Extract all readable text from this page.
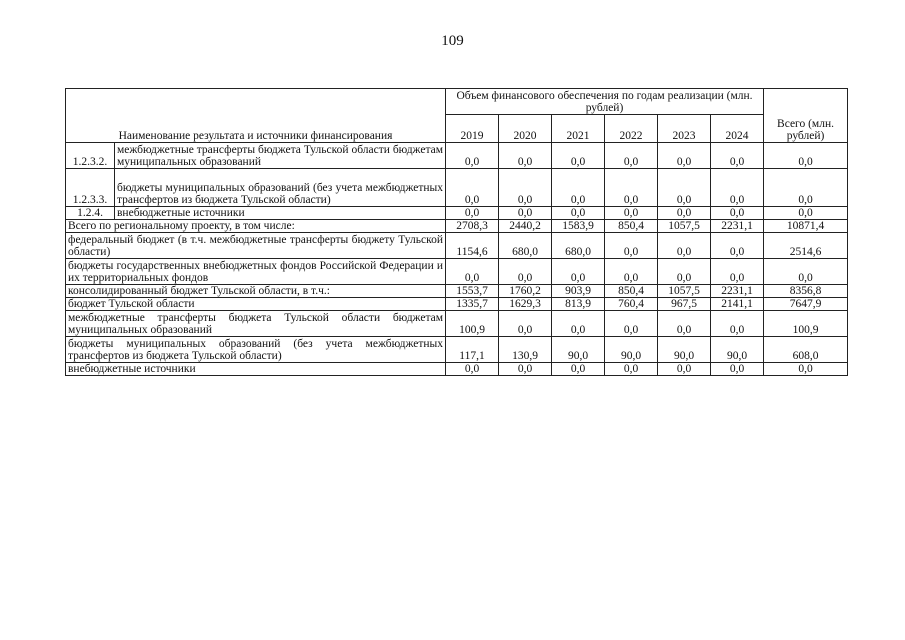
109
Наименование результата и источники финансирования		Объем финансового обеспечения по годам реализации (млн. рублей)						Всего (млн. рублей)
		2019	2020	2021	2022	2023	2024	
1.2.3.2.	межбюджетные трансферты бюджета Тульской области бюджетам муниципальных образований	0,0	0,0	0,0	0,0	0,0	0,0	0,0
1.2.3.3.	бюджеты муниципальных образований (без учета межбюджетных трансфертов из бюджета Тульской области)	0,0	0,0	0,0	0,0	0,0	0,0	0,0
1.2.4.	внебюджетные источники	0,0	0,0	0,0	0,0	0,0	0,0	0,0
Всего по региональному проекту, в том числе:		2708,3	2440,2	1583,9	850,4	1057,5	2231,1	10871,4
федеральный бюджет (в т.ч. межбюджетные трансферты бюджету Тульской области)		1154,6	680,0	680,0	0,0	0,0	0,0	2514,6
бюджеты государственных внебюджетных фондов Российской Федерации и их территориальных фондов		0,0	0,0	0,0	0,0	0,0	0,0	0,0
консолидированный бюджет Тульской области, в т.ч.:		1553,7	1760,2	903,9	850,4	1057,5	2231,1	8356,8
бюджет Тульской области		1335,7	1629,3	813,9	760,4	967,5	2141,1	7647,9
межбюджетные трансферты бюджета Тульской области бюджетам муниципальных образований		100,9	0,0	0,0	0,0	0,0	0,0	100,9
бюджеты муниципальных образований (без учета межбюджетных трансфертов из бюджета Тульской области)		117,1	130,9	90,0	90,0	90,0	90,0	608,0
внебюджетные источники		0,0	0,0	0,0	0,0	0,0	0,0	0,0
